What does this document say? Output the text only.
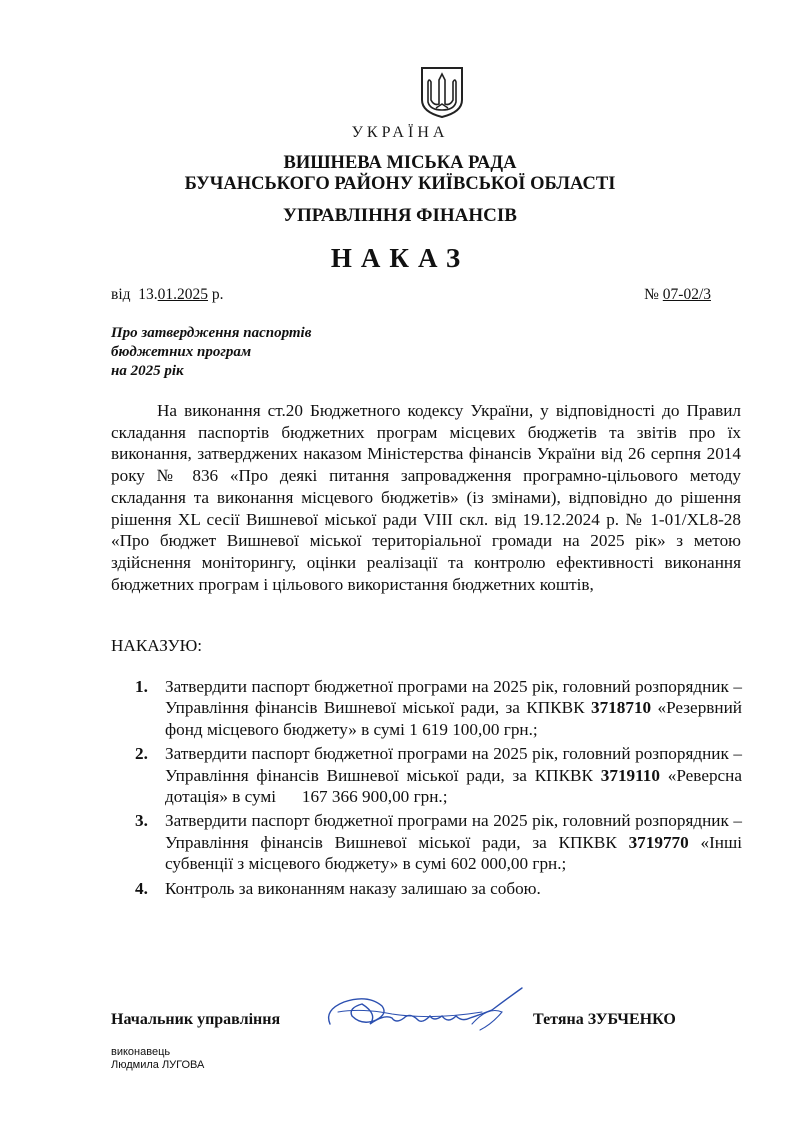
УКРАЇНА
ВИШНЕВА МІСЬКА РАДА
БУЧАНСЬКОГО РАЙОНУ КИЇВСЬКОЇ ОБЛАСТІ
УПРАВЛІННЯ ФІНАНСІВ
НАКАЗ
від 13.01.2025 р.	№ 07-02/3
Про затвердження паспортів
бюджетних програм
на 2025 рік
На виконання ст.20 Бюджетного кодексу України, у відповідності до Правил складання паспортів бюджетних програм місцевих бюджетів та звітів про їх виконання, затверджених наказом Міністерства фінансів України від 26 серпня 2014 року № 836 «Про деякі питання запровадження програмно-цільового методу складання та виконання місцевого бюджетів» (із змінами), відповідно до рішення рішення XL сесії Вишневої міської ради VIII скл. від 19.12.2024 р. № 1-01/XL8-28 «Про бюджет Вишневої міської територіальної громади на 2025 рік» з метою здійснення моніторингу, оцінки реалізації та контролю ефективності виконання бюджетних програм і цільового використання бюджетних коштів,
НАКАЗУЮ:
1. Затвердити паспорт бюджетної програми на 2025 рік, головний розпорядник – Управління фінансів Вишневої міської ради, за КПКВК 3718710 «Резервний фонд місцевого бюджету» в сумі 1 619 100,00 грн.;
2. Затвердити паспорт бюджетної програми на 2025 рік, головний розпорядник – Управління фінансів Вишневої міської ради, за КПКВК 3719110 «Реверсна дотація» в сумі      167 366 900,00 грн.;
3. Затвердити паспорт бюджетної програми на 2025 рік, головний розпорядник – Управління фінансів Вишневої міської ради, за КПКВК 3719770 «Інші субвенції з місцевого бюджету» в сумі 602 000,00 грн.;
4. Контроль за виконанням наказу залишаю за собою.
Начальник управління	Тетяна ЗУБЧЕНКО
виконавець
Людмила ЛУГОВА
